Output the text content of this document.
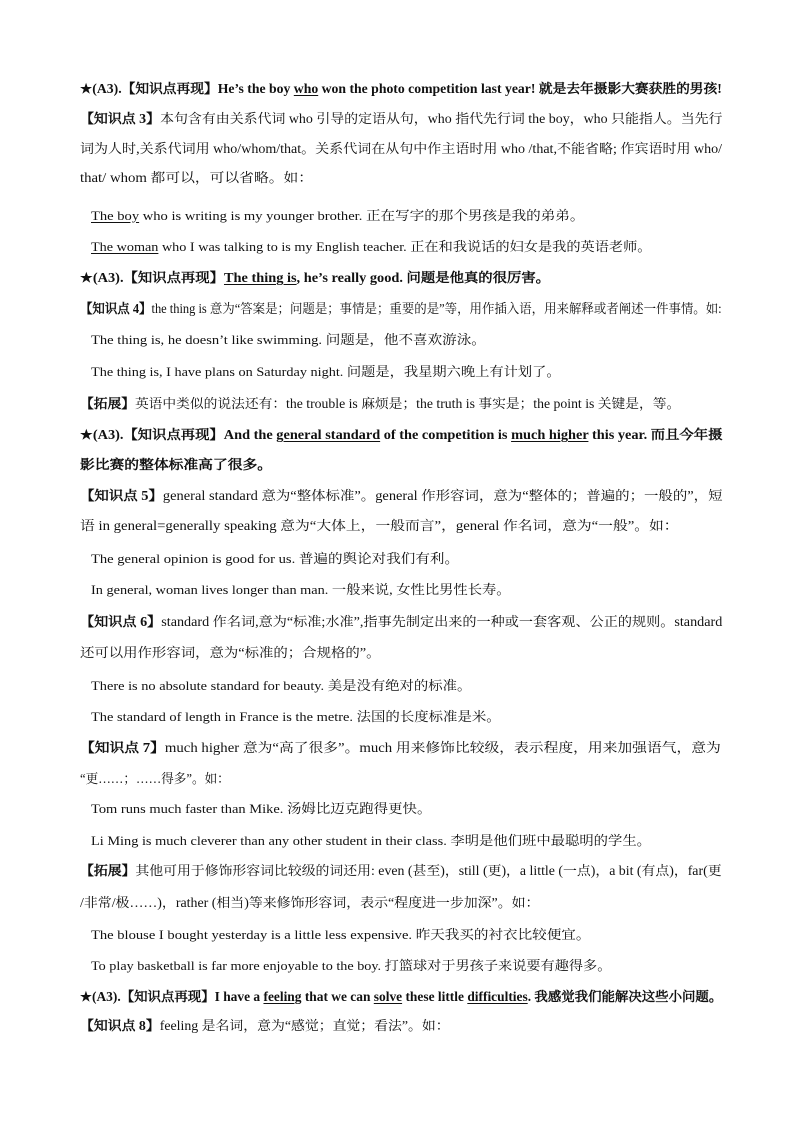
★(A3).【知识点再现】He’s the boy who won the photo competition last year! 就是去年摄影大赛获胜的男孩!
【知识点 3】本句含有由关系代词 who 引导的定语从句，who 指代先行词 the boy，who 只能指人。当先行
词为人时,关系代词用 who/whom/that。关系代词在从句中作主语时用 who /that,不能省略; 作宾语时用 who/
that/ whom 都可以，可以省略。如：
The boy who is writing is my younger brother. 正在写字的那个男孩是我的弟弟。
The woman who I was talking to is my English teacher. 正在和我说话的妇女是我的英语老师。
★(A3).【知识点再现】The thing is, he’s really good. 问题是他真的很厉害。
【知识点 4】the thing is 意为“答案是；问题是；事情是；重要的是”等，用作插入语，用来解释或者阐述一件事情。如:
The thing is, he doesn’t like swimming. 问题是，他不喜欢游泳。
The thing is, I have plans on Saturday night. 问题是，我星期六晚上有计划了。
【拓展】英语中类似的说法还有：the trouble is 麻烦是；the truth is 事实是；the point is 关键是，等。
★(A3).【知识点再现】And the general standard of the competition is much higher this year. 而且今年摄
影比赛的整体标准高了很多。
【知识点 5】general standard 意为“整体标准”。general 作形容词，意为“整体的；普遍的；一般的”，短
语 in general=generally speaking 意为“大体上，一般而言”，general 作名词，意为“一般”。如：
The general opinion is good for us. 普遍的舆论对我们有利。
In general, woman lives longer than man. 一般来说, 女性比男性长寿。
【知识点 6】standard 作名词,意为“标准;水准”,指事先制定出来的一种或一套客观、公正的规则。standard
还可以用作形容词，意为“标准的；合规格的”。
There is no absolute standard for beauty. 美是没有绝对的标准。
The standard of length in France is the metre. 法国的长度标准是米。
【知识点 7】much higher 意为“高了很多”。much 用来修饰比较级，表示程度，用来加强语气，意为
“更……；……得多”。如：
Tom runs much faster than Mike. 汤姆比迈克跑得更快。
Li Ming is much cleverer than any other student in their class. 李明是他们班中最聪明的学生。
【拓展】其他可用于修饰形容词比较级的词还用: even (甚至)，still (更)，a little (一点)，a bit (有点)，far(更
/非常/极……)，rather (相当)等来修饰形容词，表示“程度进一步加深”。如：
The blouse I bought yesterday is a little less expensive. 昨天我买的衬衣比较便宜。
To play basketball is far more enjoyable to the boy. 打篮球对于男孩子来说要有趣得多。
★(A3).【知识点再现】I have a feeling that we can solve these little difficulties. 我感觉我们能解决这些小问题。
【知识点 8】feeling 是名词，意为“感觉；直觉；看法”。如：
